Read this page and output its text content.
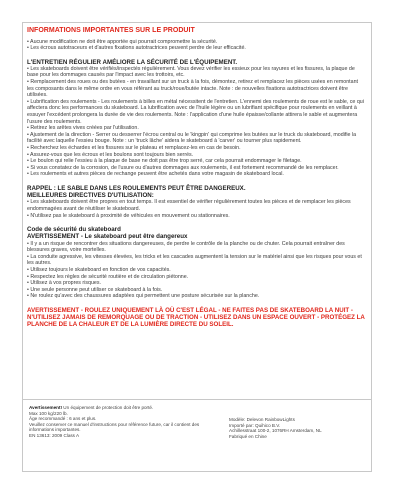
INFORMATIONS IMPORTANTES SUR LE PRODUIT

• Aucune modification ne doit être apportée qui pourrait compromettre la sécurité.

• Les écrous autotraceurs et d'autres fixations autotractrices peuvent perdre de leur efficacité.

L'ENTRETIEN RÉGULIER AMÉLIORE LA SÉCURITÉ DE L'ÉQUIPEMENT.

• Les skateboards doivent être vérifiés/inspectés régulièrement. Vous devez vérifier les essieux pour les rayures et les fissures, la plaque de base pour les dommages causés par l'impact avec les trottoirs, etc.

• Remplacement des roues ou des butées - en travaillant sur un truck à la fois, démontez, retirez et remplacez les pièces usées en remontant les composants dans le même ordre en vous référant au truck/roue/butée intacte. Note : de nouvelles fixations autotractrices doivent être utilisées.

• Lubrification des roulements - Les roulements à billes en métal nécessitent de l'entretien. L'ennemi des roulements de roue est le sable, ce qui affectera donc les performances du skateboard. La lubrification avec de l'huile légère ou un lubrifiant spécifique pour roulements en veillant à essuyer l'excédent prolongera la durée de vie des roulements. Note : l'application d'une huile épaisse/collante attirera le sable et augmentera l'usure des roulements.

• Retirez les arêtes vives créées par l'utilisation.

• Ajustement de la direction - Serrer ou desserrer l'écrou central ou le 'kingpin' qui comprime les butées sur le truck du skateboard, modifie la facilité avec laquelle l'essieu bouge. Note : un 'truck lâche' aidera le skateboard à 'carver' ou tourner plus rapidement.

• Recherchez les échardes et les fissures sur le plateau et remplacez-les en cas de besoin.

• Assurez-vous que les écrous et les boulons sont toujours bien serrés.

• Le boulon qui relie l'essieu à la plaque de base ne doit pas être trop serré, car cela pourrait endommager le filetage.

• Si vous constatez de la corrosion, de l'usure ou d'autres dommages aux roulements, il est fortement recommandé de les remplacer.

• Les roulements et autres pièces de rechange peuvent être achetés dans votre magasin de skateboard local.

RAPPEL : LE SABLE DANS LES ROULEMENTS PEUT ÊTRE DANGEREUX.
MEILLEURES DIRECTIVES D'UTILISATION:

• Les skateboards doivent être propres en tout temps. Il est essentiel de vérifier régulièrement toutes les pièces et de remplacer les pièces endommagées avant de réutiliser le skateboard.

• N'utilisez pas le skateboard à proximité de véhicules en mouvement ou stationnaires.

Code de sécurité du skateboard
AVERTISSEMENT - Le skateboard peut être dangereux

• Il y a un risque de rencontrer des situations dangereuses, de perdre le contrôle de la planche ou de chuter. Cela pourrait entraîner des blessures graves, voire mortelles.

• La conduite agressive, les vitesses élevées, les tricks et les cascades augmentent la tension sur le matériel ainsi que les risques pour vous et les autres.

• Utilisez toujours le skateboard en fonction de vos capacités.

• Respectez les règles de sécurité routière et de circulation piétonne.

• Utilisez à vos propres risques.

• Une seule personne peut utiliser ce skateboard à la fois.

• Ne roulez qu'avec des chaussures adaptées qui permettent une posture sécurisée sur la planche.

AVERTISSEMENT - ROULEZ UNIQUEMENT LÀ OÙ C'EST LÉGAL - NE FAITES PAS DE SKATEBOARD LA NUIT - N'UTILISEZ JAMAIS DE REMORQUAGE OU DE TRACTION - UTILISEZ DANS UN ESPACE OUVERT - PROTÉGEZ LA PLANCHE DE LA CHALEUR ET DE LA LUMIÈRE DIRECTE DU SOLEIL.
Avertissement! Un équipement de protection doit être porté.
Max 100 kg/220 lb.
Âge recommandé : 6 ans et plus.
Veuillez conserver ce manuel d'instructions pour référence future, car il contient des informations importantes.
EN 13613: 2009 Class A
Modèle: Delevon RainbowLights
Importé par: Quihico B.V.
Achillesstraat 100-2, 1076RH Amsterdam, NL
Fabriqué en Chine
